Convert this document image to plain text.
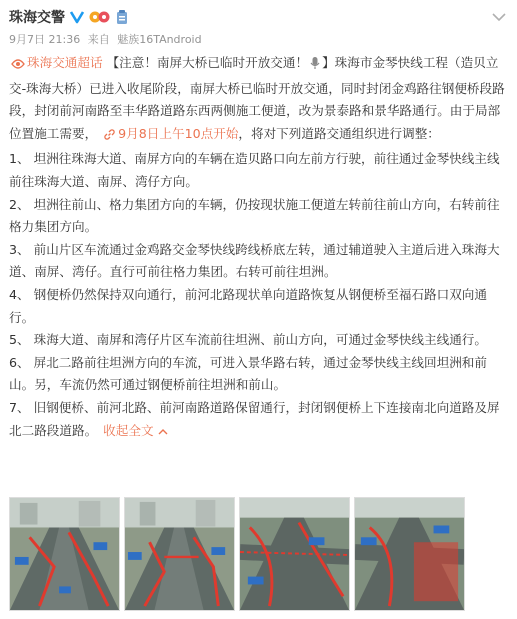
珠海交警
9月7日 21:36 来自 魅族16TAndroid
珠海交通超话 【注意！南屏大桥已临时开放交通！ 】珠海市金琴快线工程（造贝立交-珠海大桥）已进入收尾阶段，南屏大桥已临时开放交通，同时封闭金鸡路往钢便桥段路段，封闭前河南路至丰华路道路东西两侧施工便道，改为景泰路和景华路通行。由于局部位置施工需要， 9月8日上午10点开始，将对下列道路交通组织进行调整：
1、 坦洲往珠海大道、南屏方向的车辆在造贝路口向左前方行驶，前往通过金琴快线主线前往珠海大道、南屏、湾仔方向。
2、 坦洲往前山、格力集团方向的车辆，仍按现状施工便道左转前往前山方向，右转前往格力集团方向。
3、 前山片区车流通过金鸡路交金琴快线跨线桥底左转，通过辅道驶入主道后进入珠海大道、南屏、湾仔。直行可前往格力集团。右转可前往坦洲。
4、 钢便桥仍然保持双向通行，前河北路现状单向道路恢复从钢便桥至福石路口双向通行。
5、 珠海大道、南屏和湾仔片区车流前往坦洲、前山方向，可通过金琴快线主线通行。
6、 屏北二路前往坦洲方向的车流，可进入景华路右转，通过金琴快线主线回坦洲和前山。另，车流仍然可通过钢便桥前往坦洲和前山。
7、 旧钢便桥、前河北路、前河南路道路保留通行，封闭钢便桥上下连接南北向道路及屏北二路段道路。 收起全文
